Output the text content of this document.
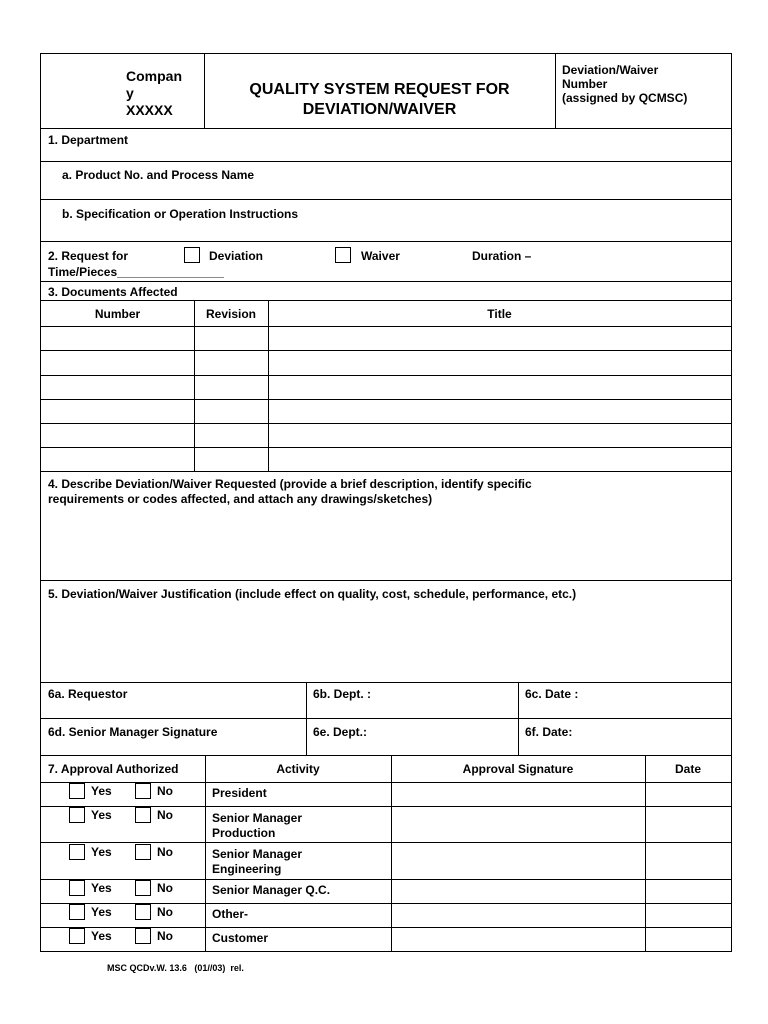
Compan
y
XXXXX
QUALITY SYSTEM REQUEST FOR
DEVIATION/WAIVER
Deviation/Waiver
Number
(assigned by QCMSC)
1. Department
a. Product No. and Process Name
b. Specification or Operation Instructions
2. Request for	Deviation	Waiver	Duration –
Time/Pieces________________
3. Documents Affected
Number	Revision	Title
4. Describe Deviation/Waiver Requested (provide a brief description, identify specific
requirements or codes affected, and attach any drawings/sketches)
5. Deviation/Waiver Justification (include effect on quality, cost, schedule, performance, etc.)
6a. Requestor	6b. Dept. :	6c. Date :
6d. Senior Manager Signature	6e. Dept.:	6f. Date:
7. Approval Authorized	Activity	Approval Signature	Date
Yes	No	President
Yes	No	Senior Manager
Production
Yes	No	Senior Manager
Engineering
Yes	No	Senior Manager Q.C.
Yes	No	Other-
Yes	No	Customer
MSC QCDv.W. 13.6   (01//03)  rel.
